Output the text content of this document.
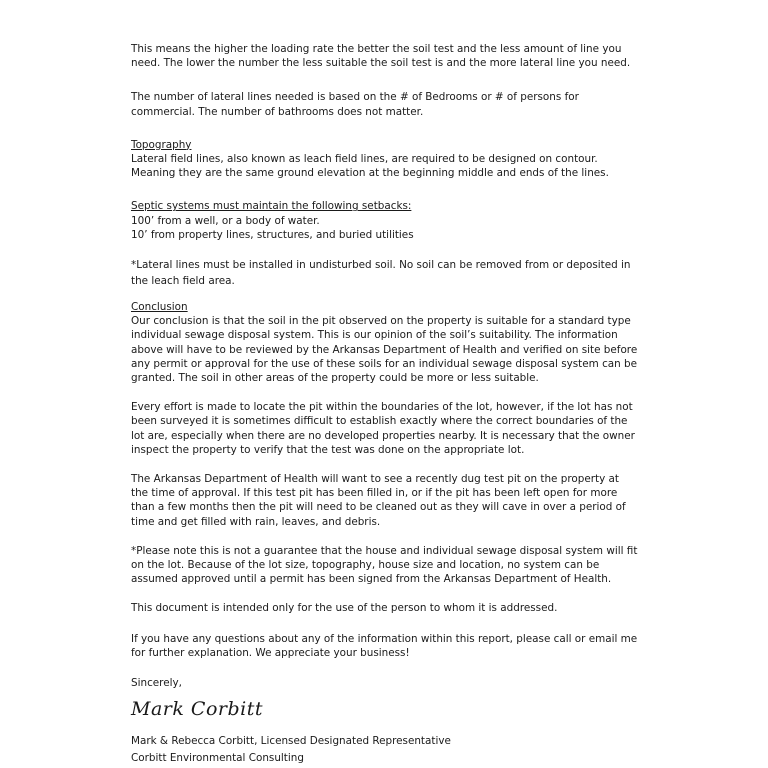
This means the higher the loading rate the better the soil test and the less amount of line you need. The lower the number the less suitable the soil test is and the more lateral line you need.

The number of lateral lines needed is based on the # of Bedrooms or # of persons for commercial. The number of bathrooms does not matter.

Topography
Lateral field lines, also known as leach field lines, are required to be designed on contour. Meaning they are the same ground elevation at the beginning middle and ends of the lines.
Septic systems must maintain the following setbacks:
100’ from a well, or a body of water.
10’ from property lines, structures, and buried utilities

*Lateral lines must be installed in undisturbed soil. No soil can be removed from or deposited in the leach field area.

Conclusion
Our conclusion is that the soil in the pit observed on the property is suitable for a standard type individual sewage disposal system. This is our opinion of the soil’s suitability. The information above will have to be reviewed by the Arkansas Department of Health and verified on site before any permit or approval for the use of these soils for an individual sewage disposal system can be granted. The soil in other areas of the property could be more or less suitable.

Every effort is made to locate the pit within the boundaries of the lot, however, if the lot has not been surveyed it is sometimes difficult to establish exactly where the correct boundaries of the lot are, especially when there are no developed properties nearby. It is necessary that the owner inspect the property to verify that the test was done on the appropriate lot.

The Arkansas Department of Health will want to see a recently dug test pit on the property at the time of approval. If this test pit has been filled in, or if the pit has been left open for more than a few months then the pit will need to be cleaned out as they will cave in over a period of time and get filled with rain, leaves, and debris.

*Please note this is not a guarantee that the house and individual sewage disposal system will fit on the lot. Because of the lot size, topography, house size and location, no system can be assumed approved until a permit has been signed from the Arkansas Department of Health.

This document is intended only for the use of the person to whom it is addressed.

If you have any questions about any of the information within this report, please call or email me for further explanation. We appreciate your business!

Sincerely,

Mark Corbitt
Mark & Rebecca Corbitt, Licensed Designated Representative
Corbitt Environmental Consulting
